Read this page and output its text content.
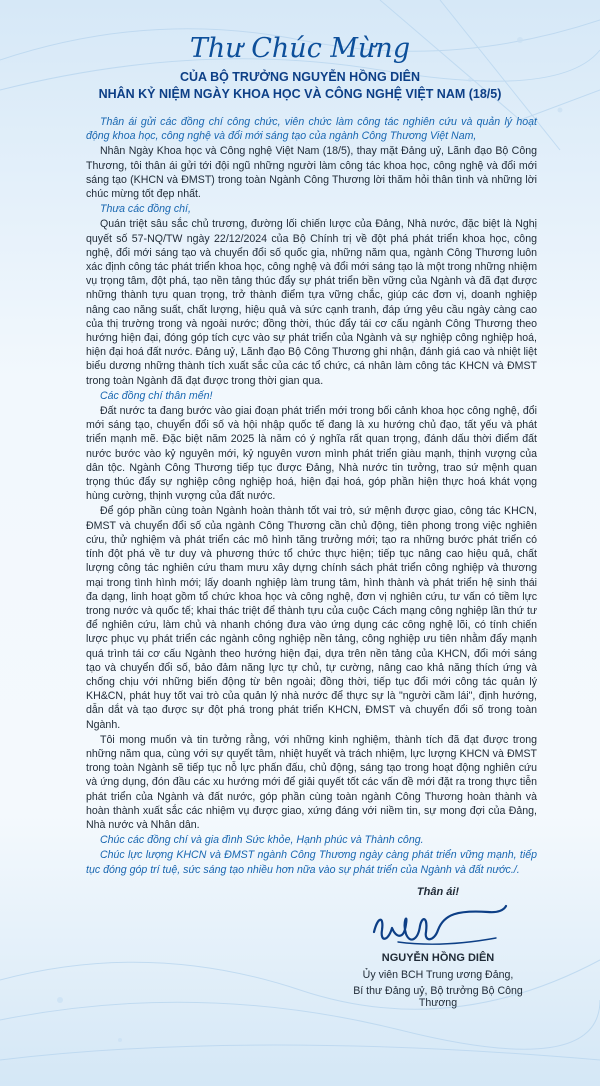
Thư Chúc Mừng

CỦA BỘ TRƯỞNG NGUYỄN HỒNG DIÊN

NHÂN KỶ NIỆM NGÀY KHOA HỌC VÀ CÔNG NGHỆ VIỆT NAM (18/5)

Thân ái gửi các đồng chí công chức, viên chức làm công tác nghiên cứu và quản lý hoạt động khoa học, công nghệ và đổi mới sáng tạo của ngành Công Thương Việt Nam,

Nhân Ngày Khoa học và Công nghệ Việt Nam (18/5), thay mặt Đảng uỷ, Lãnh đạo Bộ Công Thương, tôi thân ái gửi tới đội ngũ những người làm công tác khoa học, công nghệ và đổi mới sáng tạo (KHCN và ĐMST) trong toàn Ngành Công Thương lời thăm hỏi thân tình và những lời chúc mừng tốt đẹp nhất.

Thưa các đồng chí,

Quán triệt sâu sắc chủ trương, đường lối chiến lược của Đảng, Nhà nước, đặc biệt là Nghị quyết số 57-NQ/TW ngày 22/12/2024 của Bộ Chính trị về đột phá phát triển khoa học, công nghệ, đổi mới sáng tạo và chuyển đổi số quốc gia, những năm qua, ngành Công Thương luôn xác định công tác phát triển khoa học, công nghệ và đổi mới sáng tạo là một trong những nhiệm vụ trọng tâm, đột phá, tạo nền tảng thúc đẩy sự phát triển bền vững của Ngành và đã đạt được những thành tựu quan trọng, trở thành điểm tựa vững chắc, giúp các đơn vị, doanh nghiệp nâng cao năng suất, chất lượng, hiệu quả và sức cạnh tranh, đáp ứng yêu cầu ngày càng cao của thị trường trong và ngoài nước; đồng thời, thúc đẩy tái cơ cấu ngành Công Thương theo hướng hiện đại, đóng góp tích cực vào sự phát triển của Ngành và sự nghiệp công nghiệp hoá, hiện đại hoá đất nước. Đảng uỷ, Lãnh đạo Bộ Công Thương ghi nhận, đánh giá cao và nhiệt liệt biểu dương những thành tích xuất sắc của các tổ chức, cá nhân làm công tác KHCN và ĐMST trong toàn Ngành đã đạt được trong thời gian qua.

Các đồng chí thân mến!

Đất nước ta đang bước vào giai đoạn phát triển mới trong bối cảnh khoa học công nghệ, đổi mới sáng tạo, chuyển đổi số và hội nhập quốc tế đang là xu hướng chủ đạo, tất yếu và phát triển mạnh mẽ. Đặc biệt năm 2025 là năm có ý nghĩa rất quan trọng, đánh dấu thời điểm đất nước bước vào kỷ nguyên mới, kỷ nguyên vươn mình phát triển giàu mạnh, thịnh vượng của dân tộc. Ngành Công Thương tiếp tục được Đảng, Nhà nước tin tưởng, trao sứ mệnh quan trọng thúc đẩy sự nghiệp công nghiệp hoá, hiện đại hoá, góp phần hiện thực hoá khát vọng hùng cường, thịnh vượng của đất nước.

Để góp phần cùng toàn Ngành hoàn thành tốt vai trò, sứ mệnh được giao, công tác KHCN, ĐMST và chuyển đổi số của ngành Công Thương cần chủ động, tiên phong trong việc nghiên cứu, thử nghiệm và phát triển các mô hình tăng trưởng mới; tạo ra những bước phát triển có tính đột phá về tư duy và phương thức tổ chức thực hiện; tiếp tục nâng cao hiệu quả, chất lượng công tác nghiên cứu tham mưu xây dựng chính sách phát triển công nghiệp và thương mại trong tình hình mới; lấy doanh nghiệp làm trung tâm, hình thành và phát triển hệ sinh thái đa dạng, linh hoạt gồm tổ chức khoa học và công nghệ, đơn vị nghiên cứu, tư vấn có tiềm lực trong nước và quốc tế; khai thác triệt để thành tựu của cuộc Cách mạng công nghiệp lần thứ tư để nghiên cứu, làm chủ và nhanh chóng đưa vào ứng dụng các công nghệ lõi, có tính chiến lược phục vụ phát triển các ngành công nghiệp nền tảng, công nghiệp ưu tiên nhằm đẩy mạnh quá trình tái cơ cấu Ngành theo hướng hiện đại, dựa trên nền tảng của KHCN, đổi mới sáng tạo và chuyển đổi số, bảo đảm năng lực tự chủ, tự cường, nâng cao khả năng thích ứng và chống chịu với những biến động từ bên ngoài; đồng thời, tiếp tục đổi mới công tác quản lý KH&CN, phát huy tốt vai trò của quản lý nhà nước để thực sự là "người cầm lái", định hướng, dẫn dắt và tạo được sự đột phá trong phát triển KHCN, ĐMST và chuyển đổi số trong toàn Ngành.

Tôi mong muốn và tin tưởng rằng, với những kinh nghiệm, thành tích đã đạt được trong những năm qua, cùng với sự quyết tâm, nhiệt huyết và trách nhiệm, lực lượng KHCN và ĐMST trong toàn Ngành sẽ tiếp tục nỗ lực phấn đấu, chủ động, sáng tạo trong hoạt động nghiên cứu và ứng dụng, đón đầu các xu hướng mới để giải quyết tốt các vấn đề mới đặt ra trong thực tiễn phát triển của Ngành và đất nước, góp phần cùng toàn ngành Công Thương hoàn thành và hoàn thành xuất sắc các nhiệm vụ được giao, xứng đáng với niềm tin, sự mong đợi của Đảng, Nhà nước và Nhân dân.

Chúc các đồng chí và gia đình Sức khỏe, Hạnh phúc và Thành công.

Chúc lực lượng KHCN và ĐMST ngành Công Thương ngày càng phát triển vững mạnh, tiếp tục đóng góp trí tuệ, sức sáng tạo nhiều hơn nữa vào sự phát triển của Ngành và đất nước./.

Thân ái!
NGUYỄN HỒNG DIÊN
Ủy viên BCH Trung ương Đảng,
Bí thư Đảng uỷ, Bộ trưởng Bộ Công Thương
